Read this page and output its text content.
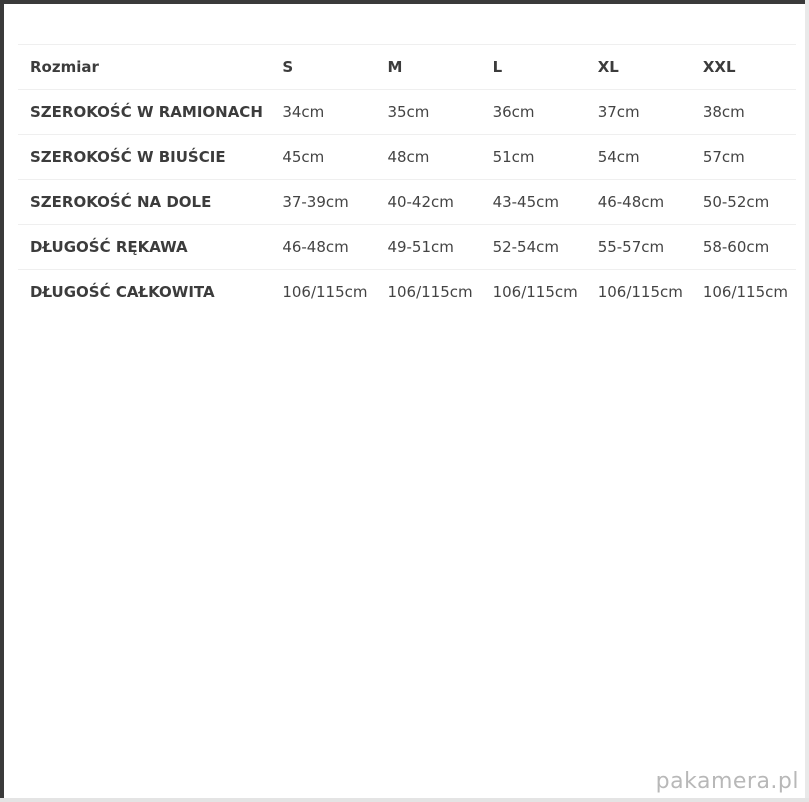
Rozmiar	S	M	L	XL	XXL
SZEROKOŚĆ W RAMIONACH	34cm	35cm	36cm	37cm	38cm
SZEROKOŚĆ W BIUŚCIE	45cm	48cm	51cm	54cm	57cm
SZEROKOŚĆ NA DOLE	37-39cm	40-42cm	43-45cm	46-48cm	50-52cm
DŁUGOŚĆ RĘKAWA	46-48cm	49-51cm	52-54cm	55-57cm	58-60cm
DŁUGOŚĆ CAŁKOWITA	106/115cm	106/115cm	106/115cm	106/115cm	106/115cm
pakamera.pl
